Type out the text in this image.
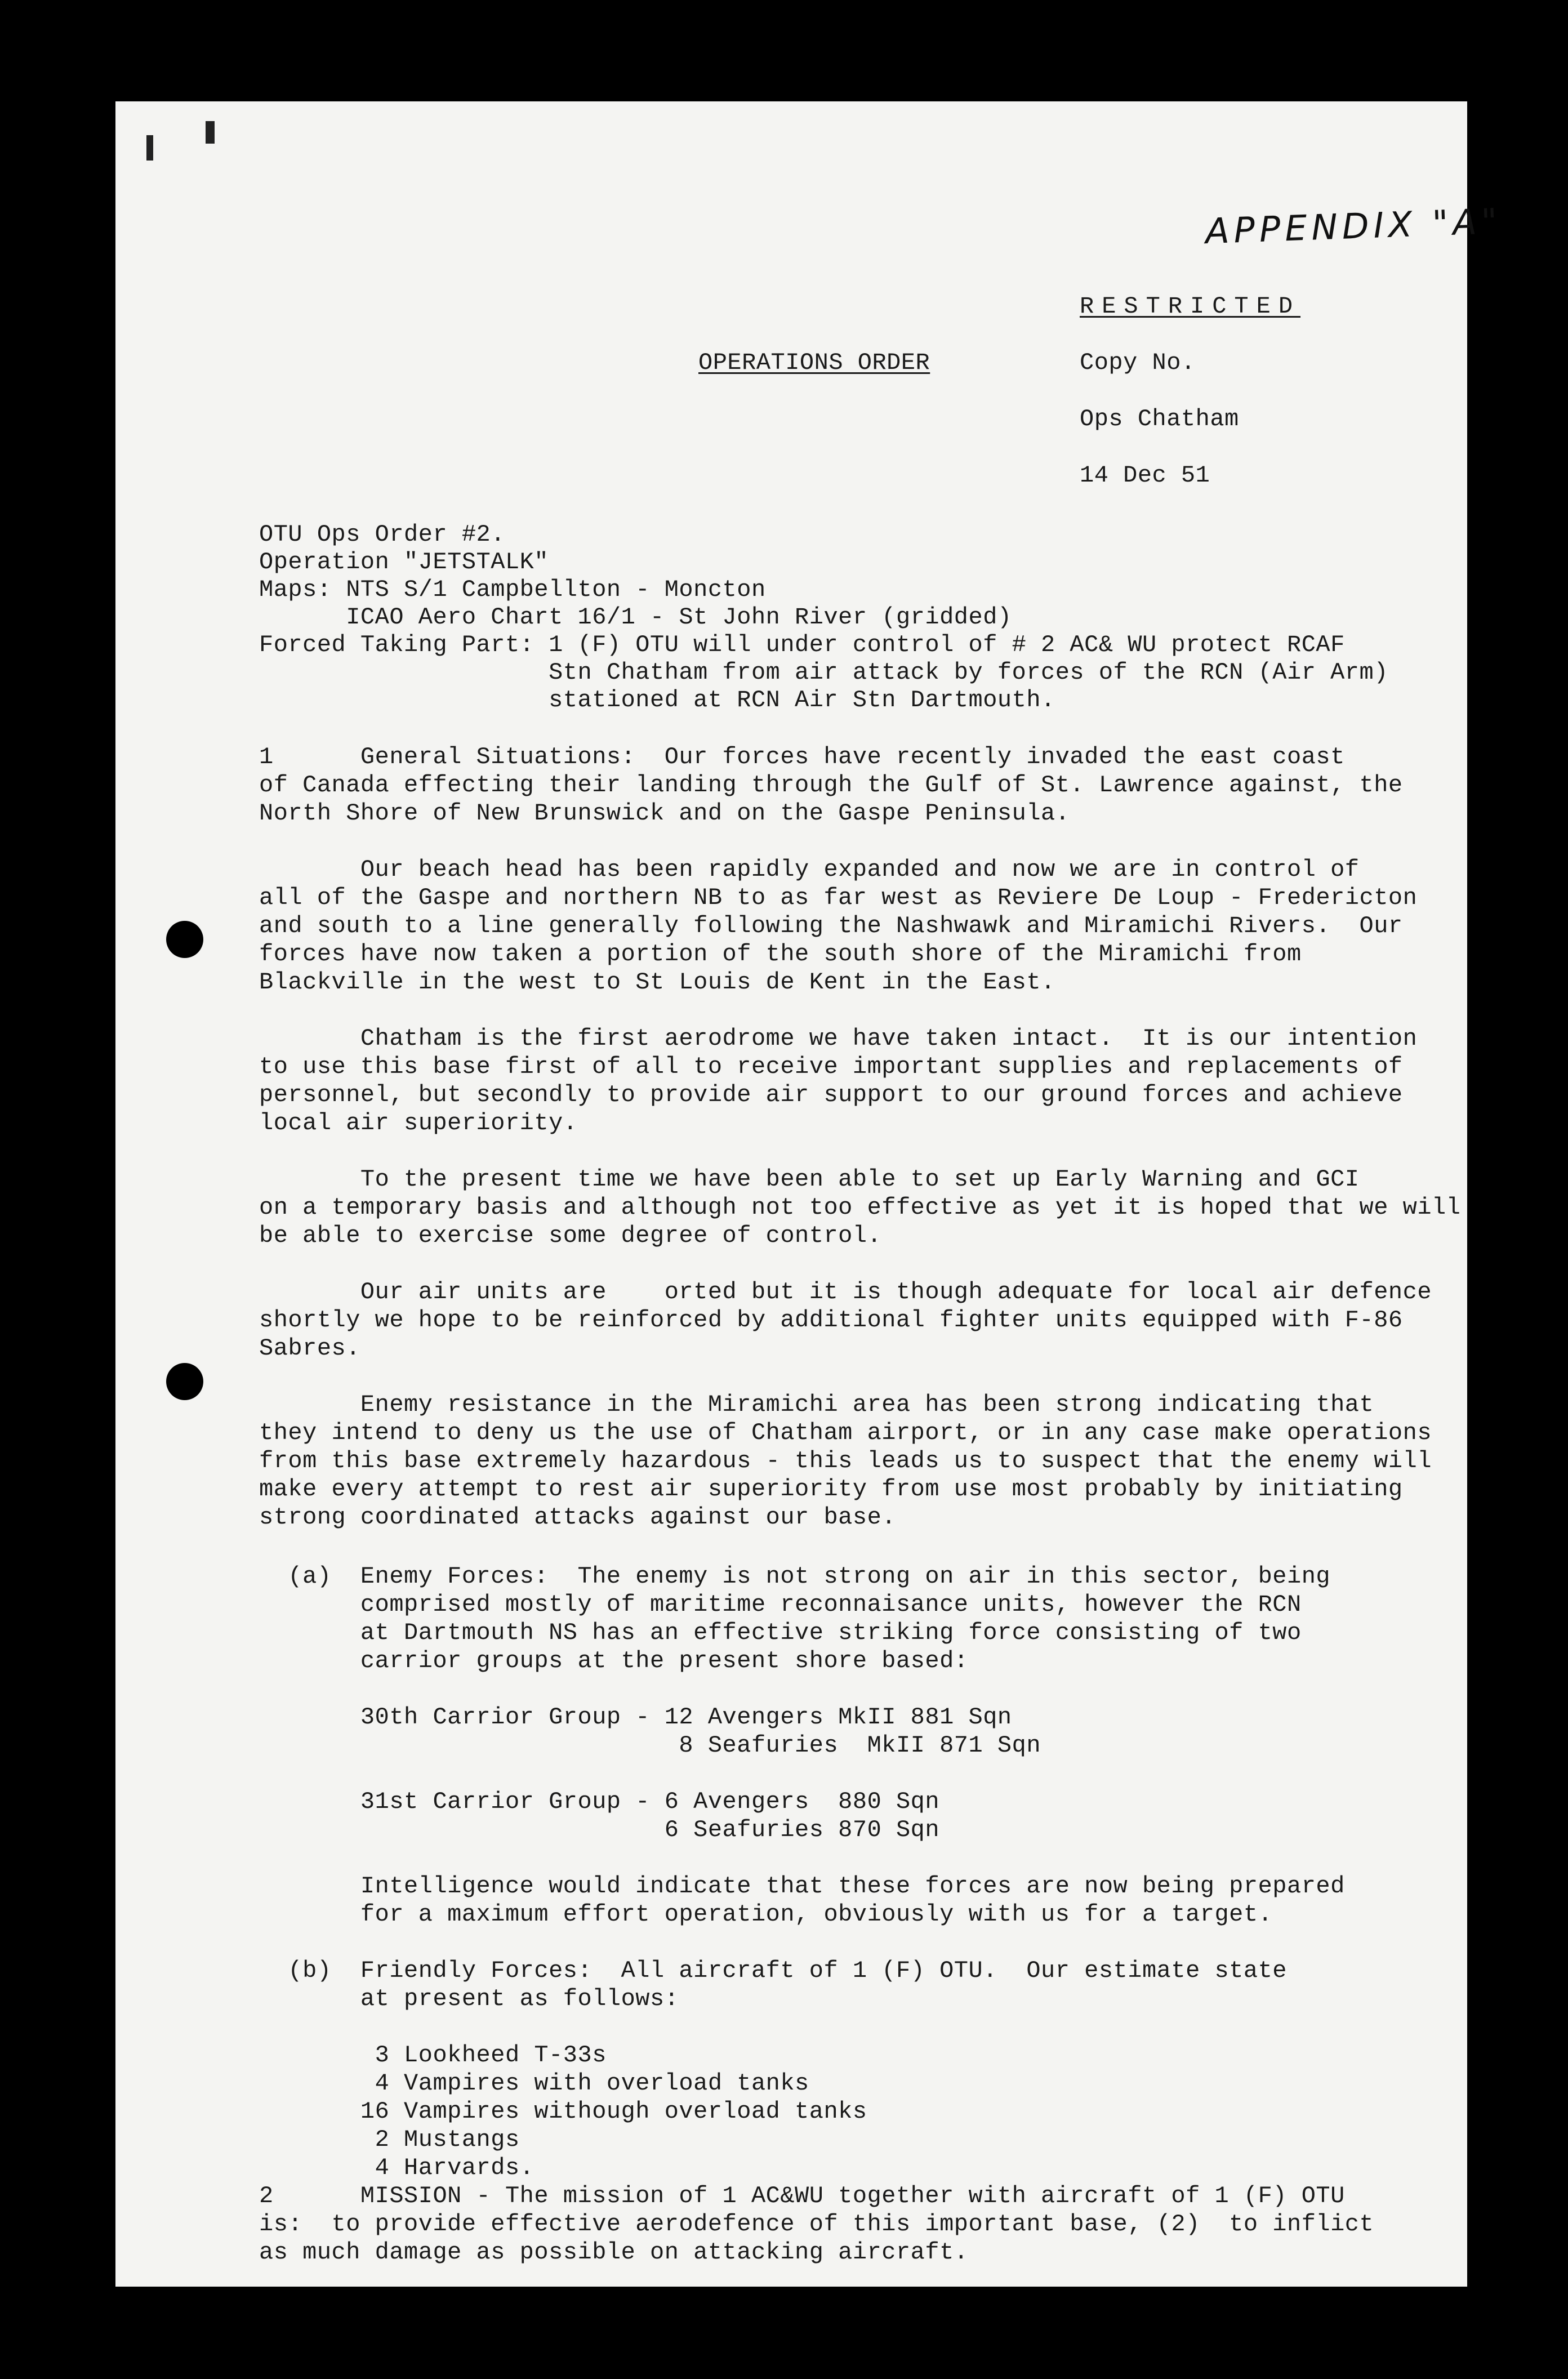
APPENDIX "A"
RESTRICTED
OPERATIONS ORDER	Copy No.
Ops Chatham
14 Dec 51
OTU Ops Order #2.
Operation "JETSTALK"
Maps: NTS S/1 Campbellton - Moncton
ICAO Aero Chart 16/1 - St John River (gridded)
Forced Taking Part: 1 (F) OTU will under control of # 2 AC& WU protect RCAF
Stn Chatham from air attack by forces of the RCN (Air Arm)
stationed at RCN Air Stn Dartmouth.
1      General Situations:  Our forces have recently invaded the east coast
of Canada effecting their landing through the Gulf of St. Lawrence against, the
North Shore of New Brunswick and on the Gaspe Peninsula.
Our beach head has been rapidly expanded and now we are in control of
all of the Gaspe and northern NB to as far west as Reviere De Loup - Fredericton
and south to a line generally following the Nashwawk and Miramichi Rivers.  Our
forces have now taken a portion of the south shore of the Miramichi from
Blackville in the west to St Louis de Kent in the East.
Chatham is the first aerodrome we have taken intact.  It is our intention
to use this base first of all to receive important supplies and replacements of
personnel, but secondly to provide air support to our ground forces and achieve
local air superiority.
To the present time we have been able to set up Early Warning and GCI
on a temporary basis and although not too effective as yet it is hoped that we will
be able to exercise some degree of control.
Our air units are    orted but it is though adequate for local air defence
shortly we hope to be reinforced by additional fighter units equipped with F-86
Sabres.
Enemy resistance in the Miramichi area has been strong indicating that
they intend to deny us the use of Chatham airport, or in any case make operations
from this base extremely hazardous - this leads us to suspect that the enemy will
make every attempt to rest air superiority from use most probably by initiating
strong coordinated attacks against our base.
(a)  Enemy Forces:  The enemy is not strong on air in this sector, being
comprised mostly of maritime reconnaisance units, however the RCN
at Dartmouth NS has an effective striking force consisting of two
carrior groups at the present shore based:
30th Carrior Group - 12 Avengers MkII 881 Sqn
8 Seafuries  MkII 871 Sqn
31st Carrior Group - 6 Avengers  880 Sqn
6 Seafuries 870 Sqn
Intelligence would indicate that these forces are now being prepared
for a maximum effort operation, obviously with us for a target.
(b)  Friendly Forces:  All aircraft of 1 (F) OTU.  Our estimate state
at present as follows:
3 Lookheed T-33s
4 Vampires with overload tanks
16 Vampires withough overload tanks
2 Mustangs
4 Harvards.
2      MISSION - The mission of 1 AC&WU together with aircraft of 1 (F) OTU
is:  to provide effective aerodefence of this important base, (2)  to inflict
as much damage as possible on attacking aircraft.
